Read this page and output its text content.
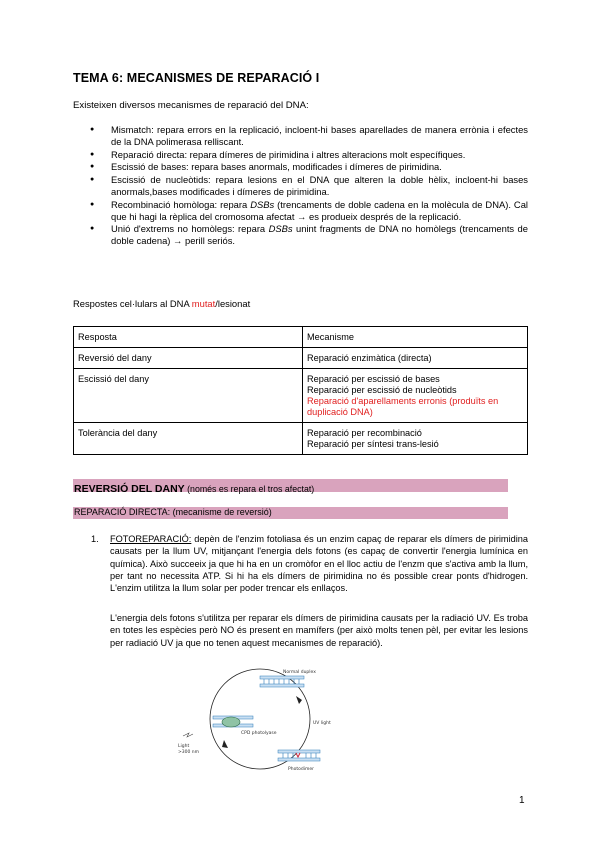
TEMA 6: MECANISMES DE REPARACIÓ I
Existeixen diversos mecanismes de reparació del DNA:
● Mismatch: repara errors en la replicació, incloent-hi bases aparellades de manera errònia i efectes de la DNA polimerasa relliscant.
● Reparació directa: repara dímeres de pirimidina i altres alteracions molt específiques.
● Escissió de bases: repara bases anormals, modificades i dímeres de pirimidina.
● Escissió de nucleòtids: repara lesions en el DNA que alteren la doble hèlix, incloent-hi bases anormals,bases modificades i dímeres de pirimidina.
● Recombinació homòloga: repara DSBs (trencaments de doble cadena en la molècula de DNA). Cal que hi hagi la rèplica del cromosoma afectat → es produeix després de la replicació.
● Unió d'extrems no homòlegs: repara DSBs unint fragments de DNA no homòlegs (trencaments de doble cadena) → perill seriós.
Respostes cel·lulars al DNA mutat/lesionat
Resposta	Mecanisme
Reversió del dany	Reparació enzimàtica (directa)

Escissió del dany	Reparació per escissió de bases
Reparació per escissió de nucleòtids
Reparació d'aparellaments erronis (produïts en duplicació DNA)

Tolerància del dany	Reparació per recombinació
Reparació per síntesi trans-lesió
REVERSIÓ DEL DANY (només es repara el tros afectat)
REPARACIÓ DIRECTA: (mecanisme de reversió)
1. FOTOREPARACIÓ: depèn de l'enzim fotoliasa és un enzim capaç de reparar els dímers de pirimidina causats per la llum UV, mitjançant l'energia dels fotons (es capaç de convertir l'energia lumínica en química). Això succeeix ja que hi ha en un cromòfor en el lloc actiu de l'enzm que s'activa amb la llum, per tant no necessita ATP. Si hi ha els dímers de pirimidina no és possible crear ponts d'hidrogen. L'enzim utilitza la llum solar per poder trencar els enllaços.
L'energia dels fotons s'utilitza per reparar els dímers de pirimidina causats per la radiació UV. Es troba en totes les espècies però NO és present en mamífers (per això molts tenen pèl, per evitar les lesions per radiació UV ja que no tenen aquest mecanismes de reparació).
Normal duplex
UV light
Photodimer
CPD photolyase
Light
>300 nm
1
